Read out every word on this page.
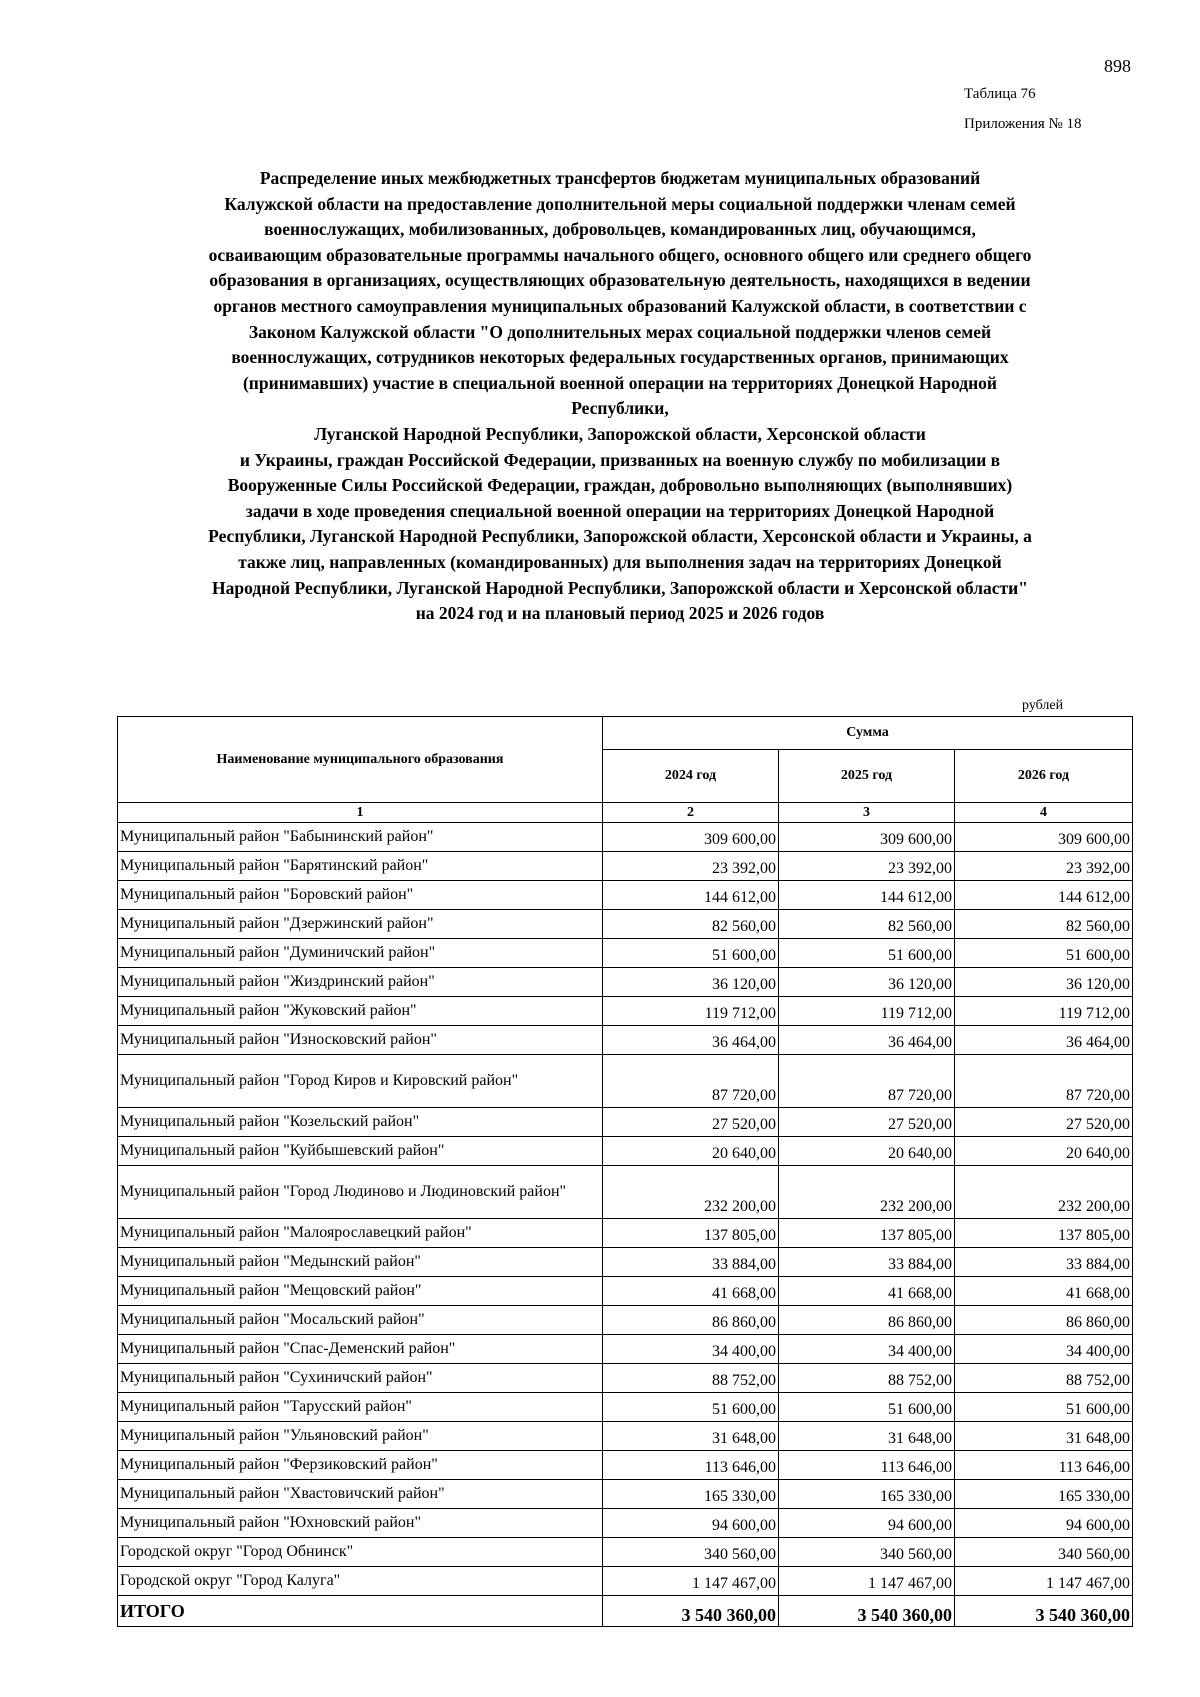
898
Таблица 76
Приложения № 18
Распределение иных межбюджетных трансфертов бюджетам муниципальных образований
Калужской области на предоставление дополнительной меры социальной поддержки членам семей
военнослужащих, мобилизованных, добровольцев, командированных лиц, обучающимся,
осваивающим образовательные программы начального общего, основного общего или среднего общего
образования в организациях, осуществляющих образовательную деятельность, находящихся в ведении
органов местного самоуправления муниципальных образований Калужской области, в соответствии с
Законом Калужской области "О дополнительных мерах социальной поддержки членов семей
военнослужащих, сотрудников некоторых федеральных государственных органов, принимающих
(принимавших) участие в специальной военной операции на территориях Донецкой Народной
Республики,
Луганской Народной Республики, Запорожской области, Херсонской области
и Украины, граждан Российской Федерации, призванных на военную службу по мобилизации в
Вооруженные Силы Российской Федерации, граждан, добровольно выполняющих (выполнявших)
задачи в ходе проведения специальной военной операции на территориях Донецкой Народной
Республики, Луганской Народной Республики, Запорожской области, Херсонской области и Украины, а
также лиц, направленных (командированных) для выполнения задач на территориях Донецкой
Народной Республики, Луганской Народной Республики, Запорожской области и Херсонской области"
на 2024 год и на плановый период 2025 и 2026 годов
рублей
Наименование муниципального образования	Сумма		
	2024 год	2025 год	2026 год
1	2	3	4
Муниципальный район "Бабынинский район"	309 600,00	309 600,00	309 600,00
Муниципальный район "Барятинский район"	23 392,00	23 392,00	23 392,00
Муниципальный район "Боровский район"	144 612,00	144 612,00	144 612,00
Муниципальный район "Дзержинский район"	82 560,00	82 560,00	82 560,00
Муниципальный район "Думиничский район"	51 600,00	51 600,00	51 600,00
Муниципальный район "Жиздринский район"	36 120,00	36 120,00	36 120,00
Муниципальный район "Жуковский район"	119 712,00	119 712,00	119 712,00
Муниципальный район "Износковский район"	36 464,00	36 464,00	36 464,00
Муниципальный район "Город Киров и Кировский район"	87 720,00	87 720,00	87 720,00
Муниципальный район "Козельский район"	27 520,00	27 520,00	27 520,00
Муниципальный район "Куйбышевский район"	20 640,00	20 640,00	20 640,00
Муниципальный район "Город Людиново и Людиновский район"	232 200,00	232 200,00	232 200,00
Муниципальный район "Малоярославецкий район"	137 805,00	137 805,00	137 805,00
Муниципальный район "Медынский район"	33 884,00	33 884,00	33 884,00
Муниципальный район "Мещовский район"	41 668,00	41 668,00	41 668,00
Муниципальный район "Мосальский район"	86 860,00	86 860,00	86 860,00
Муниципальный район "Спас-Деменский район"	34 400,00	34 400,00	34 400,00
Муниципальный район "Сухиничский район"	88 752,00	88 752,00	88 752,00
Муниципальный район "Тарусский район"	51 600,00	51 600,00	51 600,00
Муниципальный район "Ульяновский район"	31 648,00	31 648,00	31 648,00
Муниципальный район "Ферзиковский район"	113 646,00	113 646,00	113 646,00
Муниципальный район "Хвастовичский район"	165 330,00	165 330,00	165 330,00
Муниципальный район "Юхновский район"	94 600,00	94 600,00	94 600,00
Городской округ "Город Обнинск"	340 560,00	340 560,00	340 560,00
Городской округ "Город Калуга"	1 147 467,00	1 147 467,00	1 147 467,00
ИТОГО	3 540 360,00	3 540 360,00	3 540 360,00
